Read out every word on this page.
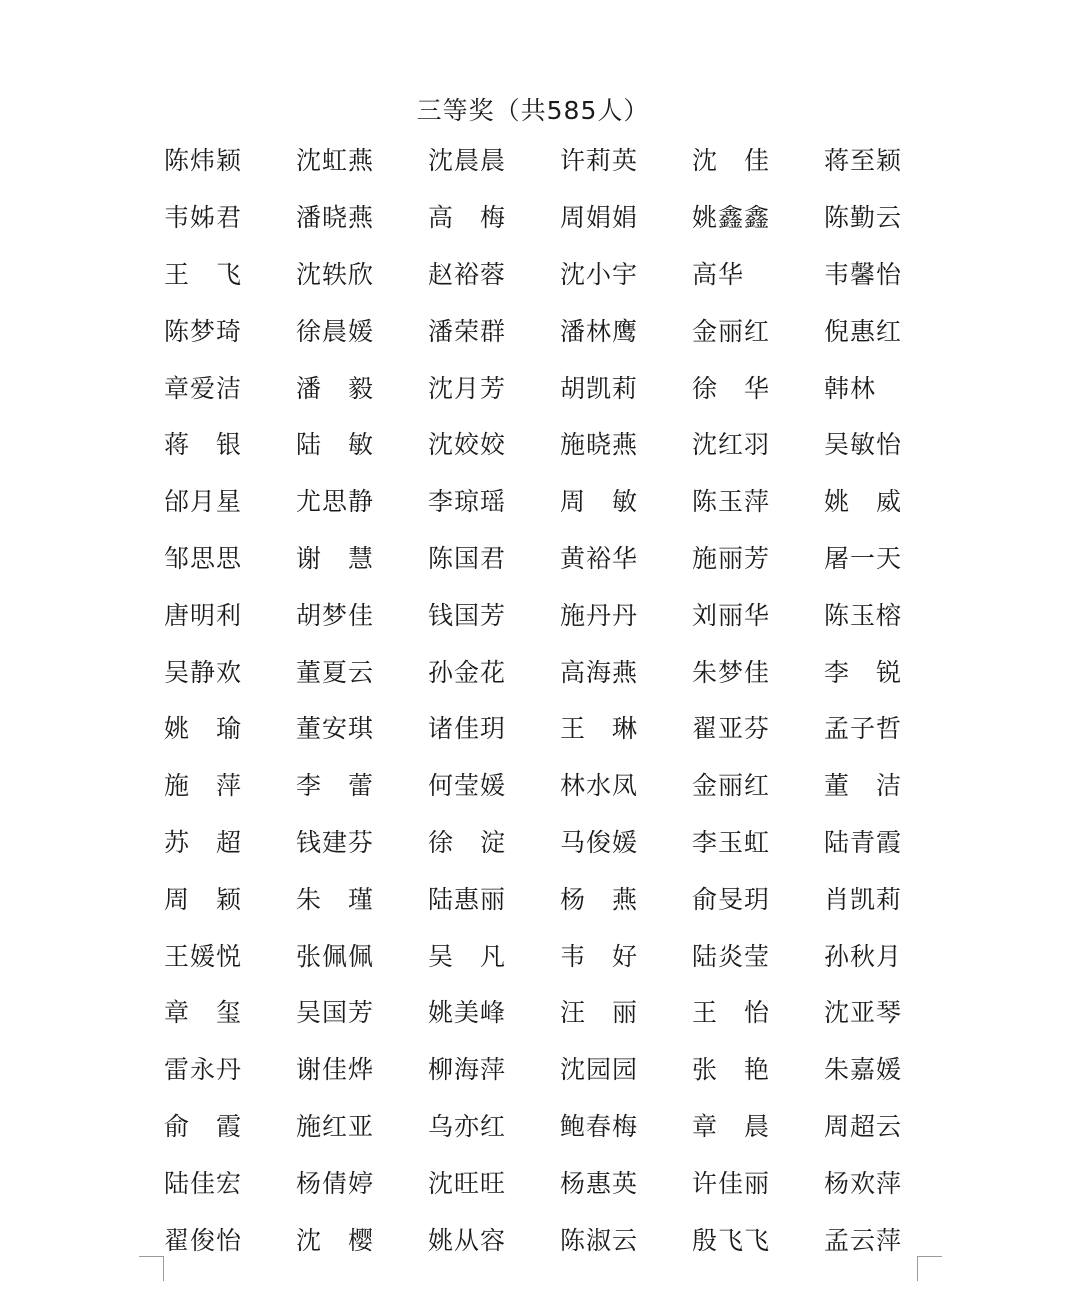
三等奖（共585人）
陈炜颖	沈虹燕	沈晨晨	许莉英	沈　佳	蒋至颖
韦姊君	潘晓燕	高　梅	周娟娟	姚鑫鑫	陈勤云
王　飞	沈轶欣	赵裕蓉	沈小宇	高华	韦馨怡
陈梦琦	徐晨媛	潘荣群	潘林鹰	金丽红	倪惠红
章爱洁	潘　毅	沈月芳	胡凯莉	徐　华	韩林
蒋　银	陆　敏	沈姣姣	施晓燕	沈红羽	吴敏怡
邰月星	尤思静	李琼瑶	周　敏	陈玉萍	姚　威
邹思思	谢　慧	陈国君	黄裕华	施丽芳	屠一天
唐明利	胡梦佳	钱国芳	施丹丹	刘丽华	陈玉榕
吴静欢	董夏云	孙金花	高海燕	朱梦佳	李　锐
姚　瑜	董安琪	诸佳玥	王　琳	翟亚芬	孟子哲
施　萍	李　蕾	何莹媛	林水凤	金丽红	董　洁
苏　超	钱建芬	徐　淀	马俊媛	李玉虹	陆青霞
周　颖	朱　瑾	陆惠丽	杨　燕	俞旻玥	肖凯莉
王媛悦	张佩佩	吴　凡	韦　好	陆炎莹	孙秋月
章　玺	吴国芳	姚美峰	汪　丽	王　怡	沈亚琴
雷永丹	谢佳烨	柳海萍	沈园园	张　艳	朱嘉媛
俞　霞	施红亚	乌亦红	鲍春梅	章　晨	周超云
陆佳宏	杨倩婷	沈旺旺	杨惠英	许佳丽	杨欢萍
翟俊怡	沈　樱	姚从容	陈淑云	殷飞飞	孟云萍
